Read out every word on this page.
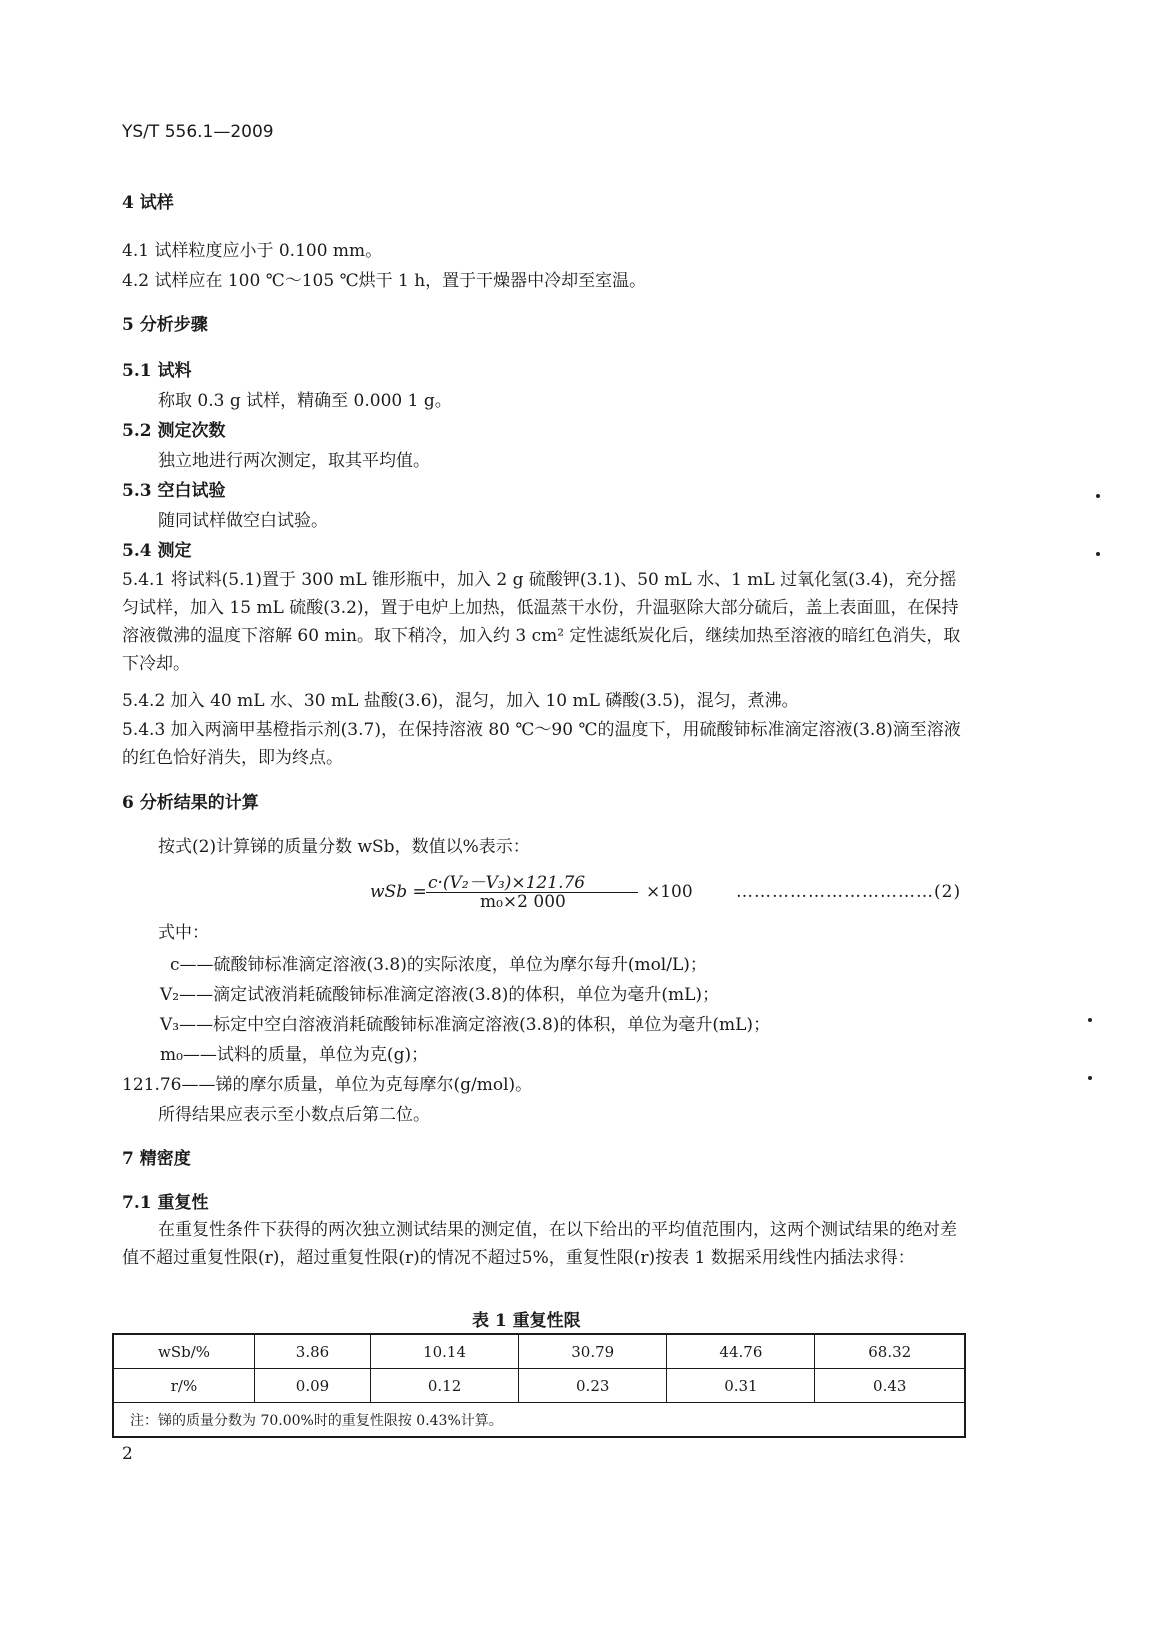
YS/T 556.1—2009
4 试样
4.1 试样粒度应小于 0.100 mm。
4.2 试样应在 100 ℃～105 ℃烘干 1 h，置于干燥器中冷却至室温。
5 分析步骤
5.1 试料
称取 0.3 g 试样，精确至 0.000 1 g。
5.2 测定次数
独立地进行两次测定，取其平均值。
5.3 空白试验
随同试样做空白试验。
5.4 测定
5.4.1 将试料(5.1)置于 300 mL 锥形瓶中，加入 2 g 硫酸钾(3.1)、50 mL 水、1 mL 过氧化氢(3.4)，充分摇匀试样，加入 15 mL 硫酸(3.2)，置于电炉上加热，低温蒸干水份，升温驱除大部分硫后，盖上表面皿，在保持溶液微沸的温度下溶解 60 min。取下稍冷，加入约 3 cm² 定性滤纸炭化后，继续加热至溶液的暗红色消失，取下冷却。
5.4.2 加入 40 mL 水、30 mL 盐酸(3.6)，混匀，加入 10 mL 磷酸(3.5)，混匀，煮沸。
5.4.3 加入两滴甲基橙指示剂(3.7)，在保持溶液 80 ℃～90 ℃的温度下，用硫酸铈标准滴定溶液(3.8)滴至溶液的红色恰好消失，即为终点。
6 分析结果的计算
按式(2)计算锑的质量分数 wSb，数值以%表示：
wSb = c·(V₂－V₃)×121.76
m₀×2 000	×100	……………………………(2)
式中：
c——硫酸铈标准滴定溶液(3.8)的实际浓度，单位为摩尔每升(mol/L)；
V₂——滴定试液消耗硫酸铈标准滴定溶液(3.8)的体积，单位为毫升(mL)；
V₃——标定中空白溶液消耗硫酸铈标准滴定溶液(3.8)的体积，单位为毫升(mL)；
m₀——试料的质量，单位为克(g)；
121.76——锑的摩尔质量，单位为克每摩尔(g/mol)。
所得结果应表示至小数点后第二位。
7 精密度
7.1 重复性
在重复性条件下获得的两次独立测试结果的测定值，在以下给出的平均值范围内，这两个测试结果的绝对差值不超过重复性限(r)，超过重复性限(r)的情况不超过5%，重复性限(r)按表 1 数据采用线性内插法求得：
表 1 重复性限
wSb/%	3.86	10.14	30.79	44.76	68.32
r/%	0.09	0.12	0.23	0.31	0.43
注：锑的质量分数为 70.00%时的重复性限按 0.43%计算。					
2
